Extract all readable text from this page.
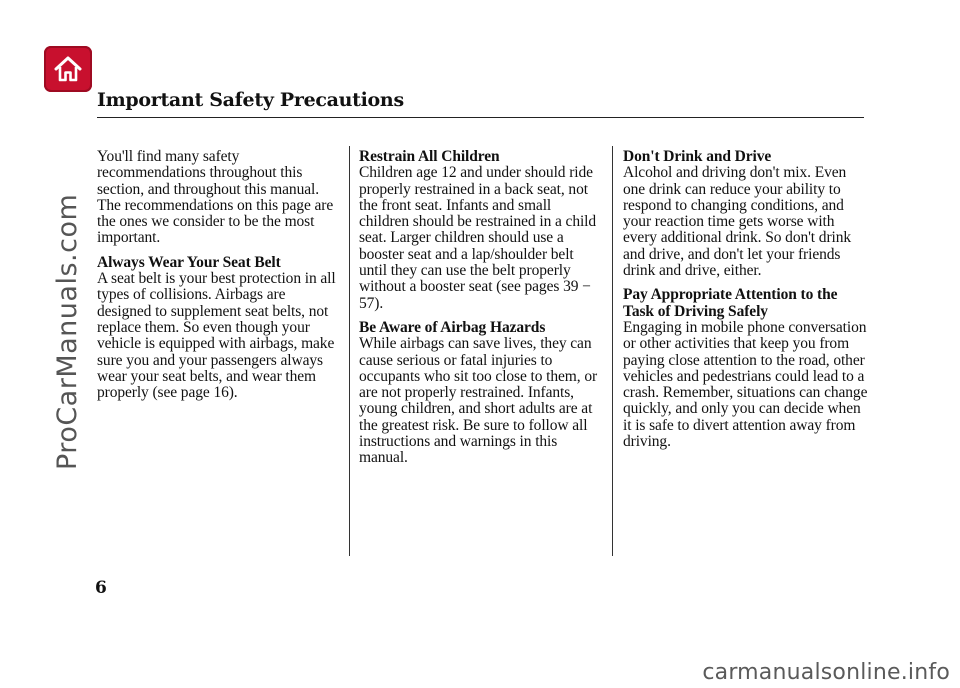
Important Safety Precautions

You'll find many safety recommendations throughout this section, and throughout this manual. The recommendations on this page are the ones we consider to be the most important.

Always Wear Your Seat Belt

A seat belt is your best protection in all types of collisions. Airbags are designed to supplement seat belts, not replace them. So even though your vehicle is equipped with airbags, make sure you and your passengers always wear your seat belts, and wear them properly (see page 16).

Restrain All Children

Children age 12 and under should ride properly restrained in a back seat, not the front seat. Infants and small children should be restrained in a child seat. Larger children should use a booster seat and a lap/shoulder belt until they can use the belt properly without a booster seat (see pages 39 − 57).

Be Aware of Airbag Hazards

While airbags can save lives, they can cause serious or fatal injuries to occupants who sit too close to them, or are not properly restrained. Infants, young children, and short adults are at the greatest risk. Be sure to follow all instructions and warnings in this manual.

Don't Drink and Drive

Alcohol and driving don't mix. Even one drink can reduce your ability to respond to changing conditions, and your reaction time gets worse with every additional drink. So don't drink and drive, and don't let your friends drink and drive, either.

Pay Appropriate Attention to the Task of Driving Safely

Engaging in mobile phone conversation or other activities that keep you from paying close attention to the road, other vehicles and pedestrians could lead to a crash. Remember, situations can change quickly, and only you can decide when it is safe to divert attention away from driving.

6
ProCarManuals.com
carmanualsonline.info
